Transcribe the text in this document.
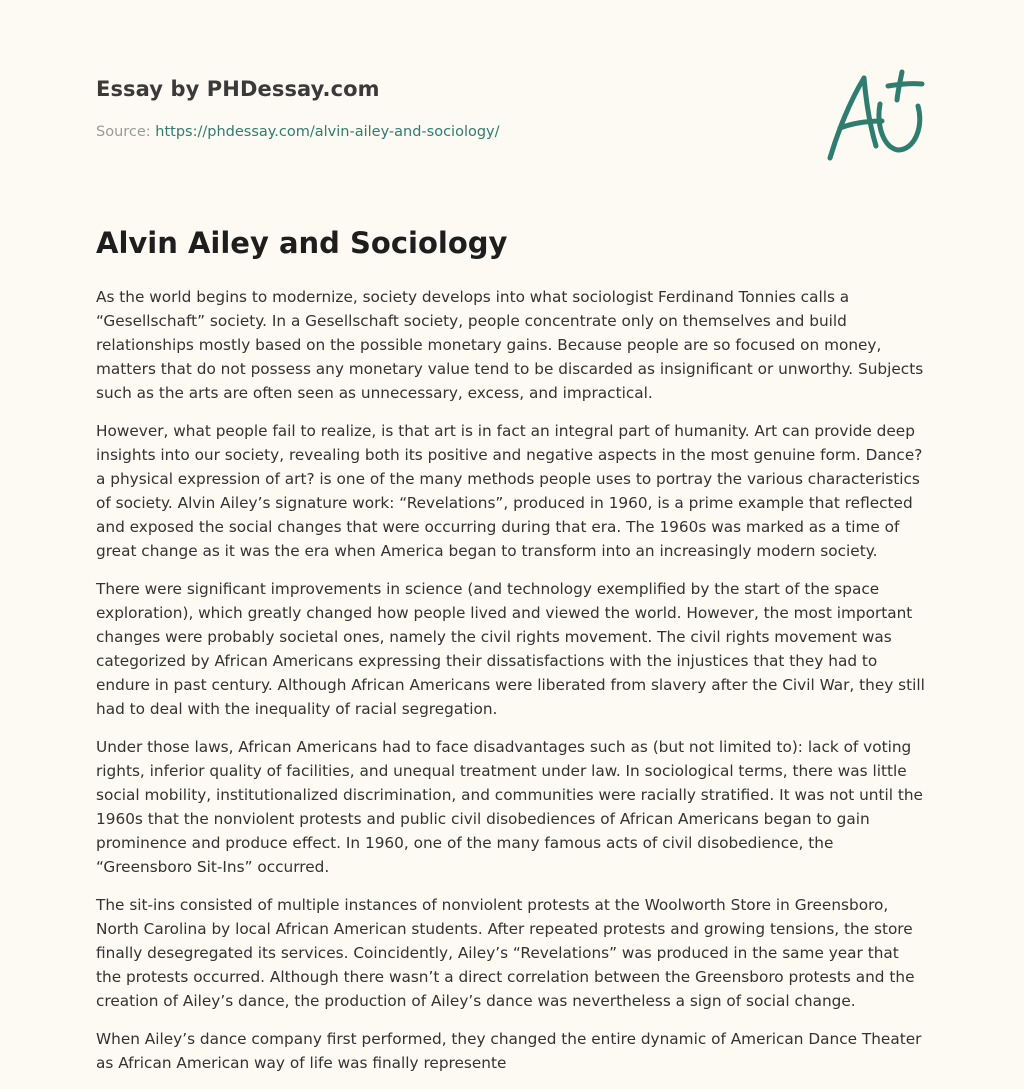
Essay by PHDessay.com
Source: https://phdessay.com/alvin-ailey-and-sociology/
Alvin Ailey and Sociology

As the world begins to modernize, society develops into what sociologist Ferdinand Tonnies calls a “Gesellschaft” society. In a Gesellschaft society, people concentrate only on themselves and build relationships mostly based on the possible monetary gains. Because people are so focused on money, matters that do not possess any monetary value tend to be discarded as insignificant or unworthy. Subjects such as the arts are often seen as unnecessary, excess, and impractical.

However, what people fail to realize, is that art is in fact an integral part of humanity. Art can provide deep insights into our society, revealing both its positive and negative aspects in the most genuine form. Dance? a physical expression of art? is one of the many methods people uses to portray the various characteristics of society. Alvin Ailey’s signature work: “Revelations”, produced in 1960, is a prime example that reflected and exposed the social changes that were occurring during that era. The 1960s was marked as a time of great change as it was the era when America began to transform into an increasingly modern society.

There were significant improvements in science (and technology exemplified by the start of the space exploration), which greatly changed how people lived and viewed the world. However, the most important changes were probably societal ones, namely the civil rights movement. The civil rights movement was categorized by African Americans expressing their dissatisfactions with the injustices that they had to endure in past century. Although African Americans were liberated from slavery after the Civil War, they still had to deal with the inequality of racial segregation.

Under those laws, African Americans had to face disadvantages such as (but not limited to): lack of voting rights, inferior quality of facilities, and unequal treatment under law. In sociological terms, there was little social mobility, institutionalized discrimination, and communities were racially stratified. It was not until the 1960s that the nonviolent protests and public civil disobediences of African Americans began to gain prominence and produce effect. In 1960, one of the many famous acts of civil disobedience, the “Greensboro Sit-Ins” occurred.

The sit-ins consisted of multiple instances of nonviolent protests at the Woolworth Store in Greensboro, North Carolina by local African American students. After repeated protests and growing tensions, the store finally desegregated its services. Coincidently, Ailey’s “Revelations” was produced in the same year that the protests occurred. Although there wasn’t a direct correlation between the Greensboro protests and the creation of Ailey’s dance, the production of Ailey’s dance was nevertheless a sign of social change.

When Ailey’s dance company first performed, they changed the entire dynamic of American Dance Theater as African American way of life was finally represente
